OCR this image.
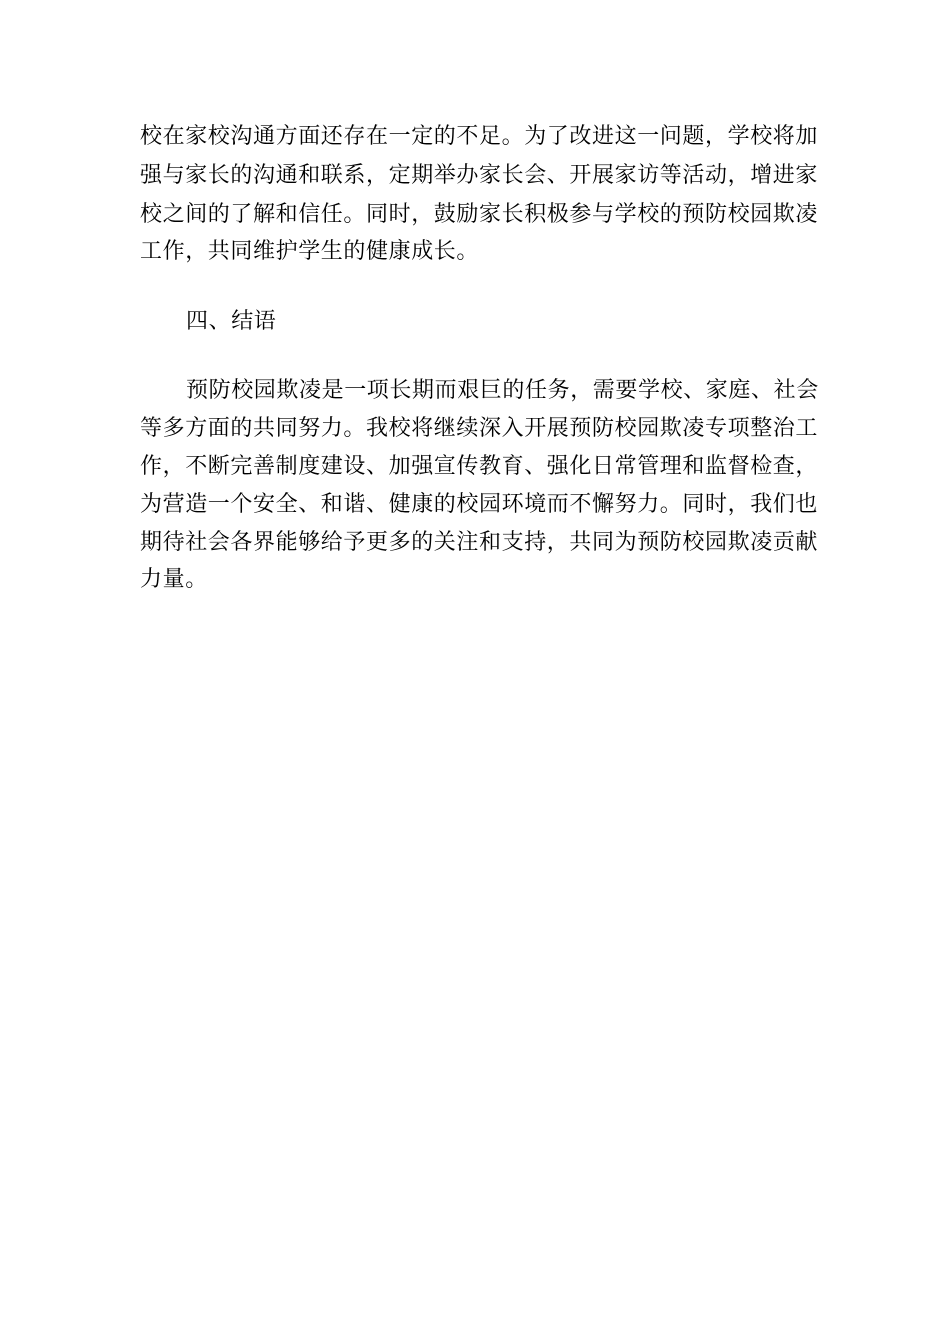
校在家校沟通方面还存在一定的不足。为了改进这一问题，学校将加
强与家长的沟通和联系，定期举办家长会、开展家访等活动，增进家
校之间的了解和信任。同时，鼓励家长积极参与学校的预防校园欺凌
工作，共同维护学生的健康成长。
四、结语
预防校园欺凌是一项长期而艰巨的任务，需要学校、家庭、社会
等多方面的共同努力。我校将继续深入开展预防校园欺凌专项整治工
作，不断完善制度建设、加强宣传教育、强化日常管理和监督检查，
为营造一个安全、和谐、健康的校园环境而不懈努力。同时，我们也
期待社会各界能够给予更多的关注和支持，共同为预防校园欺凌贡献
力量。
